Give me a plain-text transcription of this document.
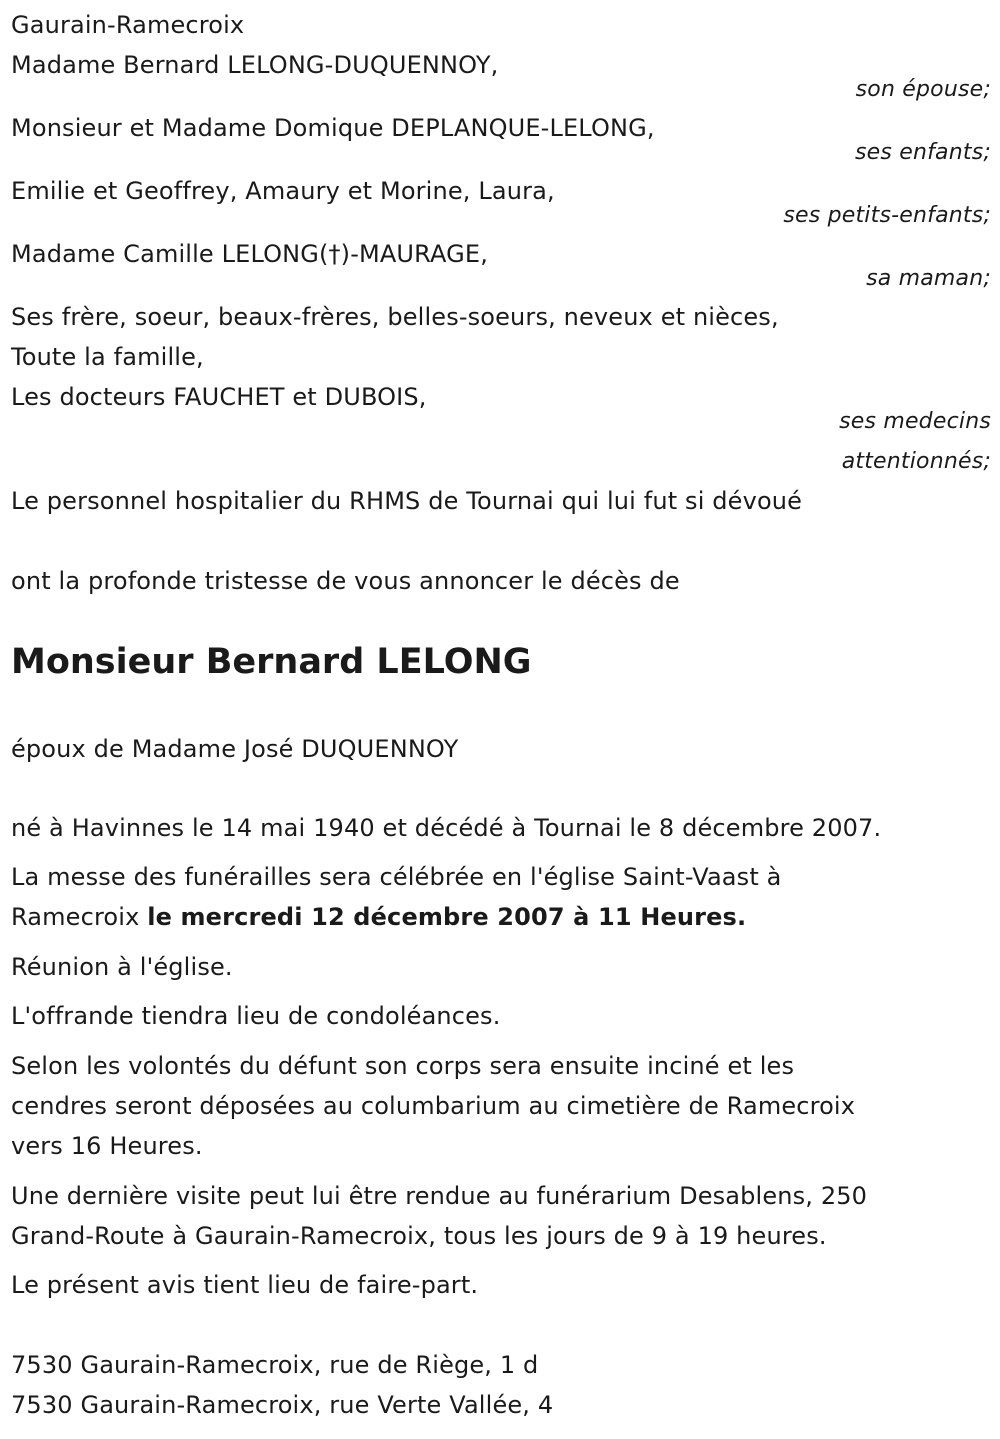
Gaurain-Ramecroix
Madame Bernard LELONG-DUQUENNOY,
son épouse;
Monsieur et Madame Domique DEPLANQUE-LELONG,
ses enfants;
Emilie et Geoffrey, Amaury et Morine, Laura,
ses petits-enfants;
Madame Camille LELONG(†)-MAURAGE,
sa maman;
Ses frère, soeur, beaux-frères, belles-soeurs, neveux et nièces,
Toute la famille,
Les docteurs FAUCHET et DUBOIS,
ses medecins
attentionnés;
Le personnel hospitalier du RHMS de Tournai qui lui fut si dévoué
ont la profonde tristesse de vous annoncer le décès de
Monsieur Bernard LELONG
époux de Madame José DUQUENNOY
né à Havinnes le 14 mai 1940 et décédé à Tournai le 8 décembre 2007.
La messe des funérailles sera célébrée en l'église Saint-Vaast à
Ramecroix le mercredi 12 décembre 2007 à 11 Heures.
Réunion à l'église.
L'offrande tiendra lieu de condoléances.
Selon les volontés du défunt son corps sera ensuite inciné et les
cendres seront déposées au columbarium au cimetière de Ramecroix
vers 16 Heures.
Une dernière visite peut lui être rendue au funérarium Desablens, 250
Grand-Route à Gaurain-Ramecroix, tous les jours de 9 à 19 heures.
Le présent avis tient lieu de faire-part.
7530 Gaurain-Ramecroix, rue de Riège, 1 d
7530 Gaurain-Ramecroix, rue Verte Vallée, 4
